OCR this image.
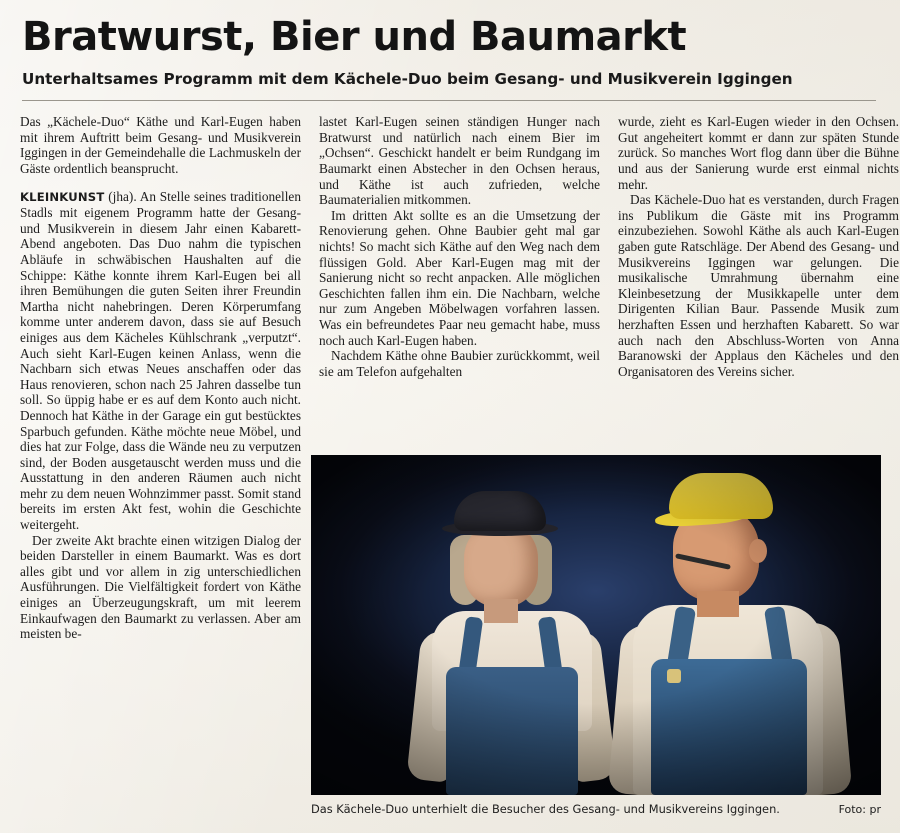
Bratwurst, Bier und Baumarkt
Unterhaltsames Programm mit dem Kächele-Duo beim Gesang- und Musikverein Iggingen

Das „Kächele-Duo“ Käthe und Karl-Eugen haben mit ihrem Auftritt beim Gesang- und Musikverein Iggingen in der Gemeindehalle die Lachmuskeln der Gäste ordentlich beansprucht.

KLEINKUNST (jha). An Stelle seines traditionellen Stadls mit eigenem Programm hatte der Gesang- und Musikverein in diesem Jahr einen Kabarett-Abend angeboten. Das Duo nahm die typischen Abläufe in schwäbischen Haushalten auf die Schippe: Käthe konnte ihrem Karl-Eugen bei all ihren Bemühungen die guten Seiten ihrer Freundin Martha nicht nahebringen. Deren Körperumfang komme unter anderem davon, dass sie auf Besuch einiges aus dem Kächeles Kühlschrank „verputzt“. Auch sieht Karl-Eugen keinen Anlass, wenn die Nachbarn sich etwas Neues anschaffen oder das Haus renovieren, schon nach 25 Jahren dasselbe tun soll. So üppig habe er es auf dem Konto auch nicht. Dennoch hat Käthe in der Garage ein gut bestücktes Sparbuch gefunden. Käthe möchte neue Möbel, und dies hat zur Folge, dass die Wände neu zu verputzen sind, der Boden ausgetauscht werden muss und die Ausstattung in den anderen Räumen auch nicht mehr zu dem neuen Wohnzimmer passt. Somit stand bereits im ersten Akt fest, wohin die Geschichte weitergeht.

Der zweite Akt brachte einen witzigen Dialog der beiden Darsteller in einem Baumarkt. Was es dort alles gibt und vor allem in zig unterschiedlichen Ausführungen. Die Vielfältigkeit fordert von Käthe einiges an Überzeugungskraft, um mit leerem Einkaufwagen den Baumarkt zu verlassen. Aber am meisten be-

lastet Karl-Eugen seinen ständigen Hunger nach Bratwurst und natürlich nach einem Bier im „Ochsen“. Geschickt handelt er beim Rundgang im Baumarkt einen Abstecher in den Ochsen heraus, und Käthe ist auch zufrieden, welche Baumaterialien mitkommen.

Im dritten Akt sollte es an die Umsetzung der Renovierung gehen. Ohne Baubier geht mal gar nichts! So macht sich Käthe auf den Weg nach dem flüssigen Gold. Aber Karl-Eugen mag mit der Sanierung nicht so recht anpacken. Alle möglichen Geschichten fallen ihm ein. Die Nachbarn, welche nur zum Angeben Möbelwagen vorfahren lassen. Was ein befreundetes Paar neu gemacht habe, muss noch auch Karl-Eugen haben.

Nachdem Käthe ohne Baubier zurückkommt, weil sie am Telefon aufgehalten

wurde, zieht es Karl-Eugen wieder in den Ochsen. Gut angeheitert kommt er dann zur späten Stunde zurück. So manches Wort flog dann über die Bühne und aus der Sanierung wurde erst einmal nichts mehr.

Das Kächele-Duo hat es verstanden, durch Fragen ins Publikum die Gäste mit ins Programm einzubeziehen. Sowohl Käthe als auch Karl-Eugen gaben gute Ratschläge. Der Abend des Gesang- und Musikvereins Iggingen war gelungen. Die musikalische Umrahmung übernahm eine Kleinbesetzung der Musikkapelle unter dem Dirigenten Kilian Baur. Passende Musik zum herzhaften Essen und herzhaften Kabarett. So war auch nach den Abschluss-Worten von Anna Baranowski der Applaus den Kächeles und den Organisatoren des Vereins sicher.

Das Kächele-Duo unterhielt die Besucher des Gesang- und Musikvereins Iggingen.	Foto: pr
